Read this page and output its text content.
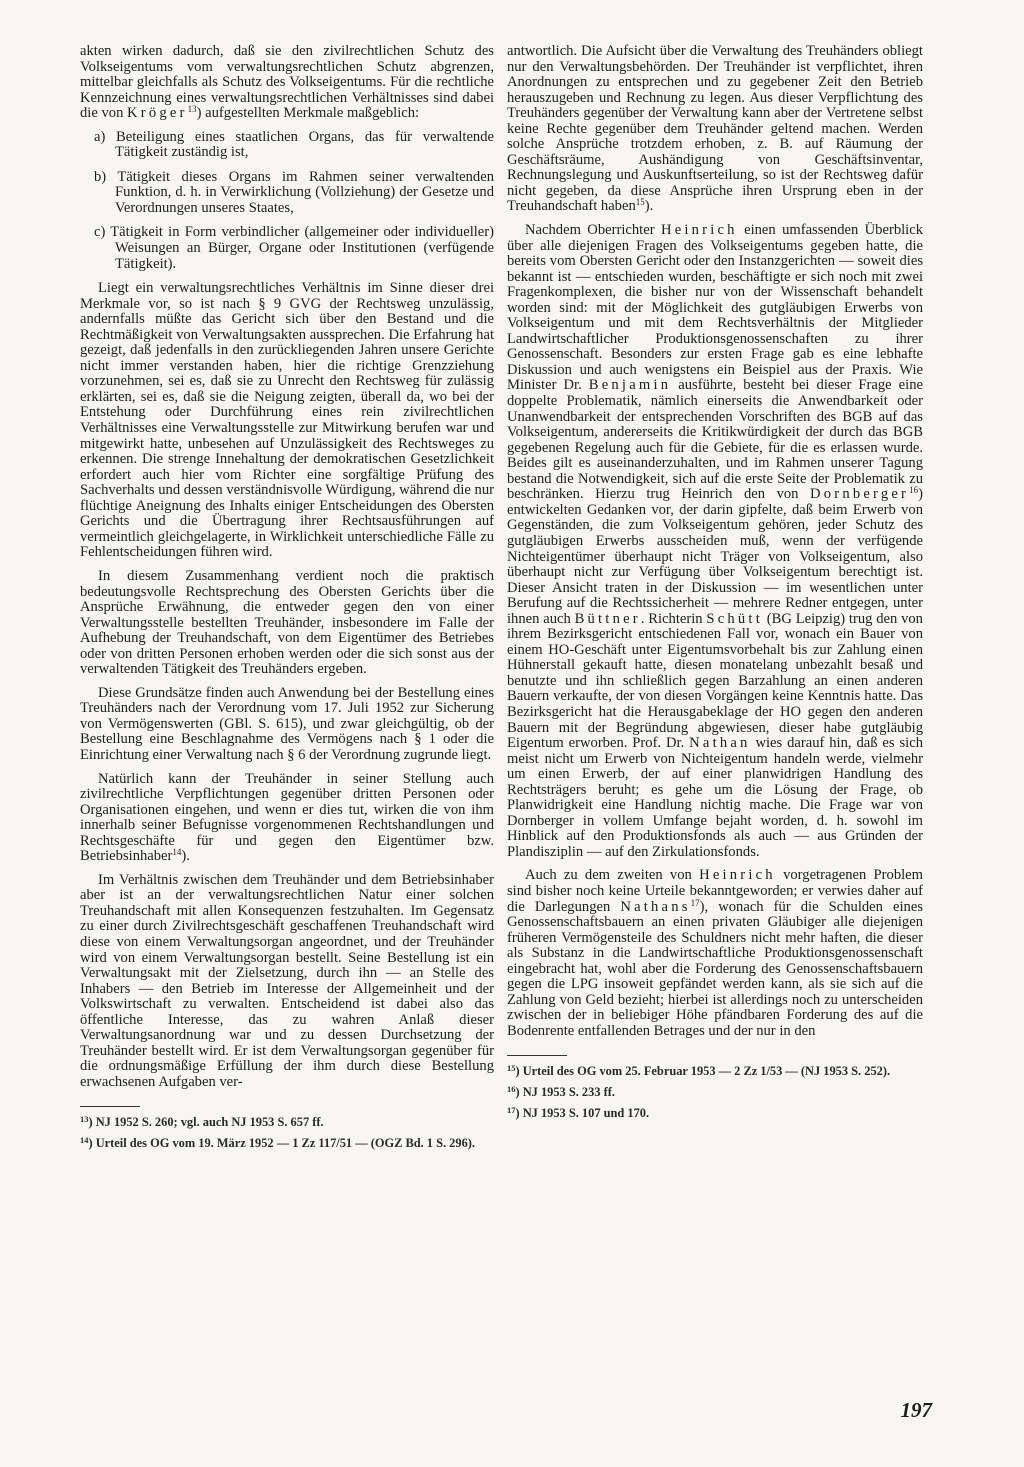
akten wirken dadurch, daß sie den zivilrechtlichen Schutz des Volkseigentums vom verwaltungsrechtlichen Schutz abgrenzen, mittelbar gleichfalls als Schutz des Volkseigentums. Für die rechtliche Kennzeichnung eines verwaltungsrechtlichen Verhältnisses sind dabei die von Kröger$^{13}$) aufgestellten Merkmale maßgeblich:

a) Beteiligung eines staatlichen Organs, das für verwaltende Tätigkeit zuständig ist,
b) Tätigkeit dieses Organs im Rahmen seiner verwaltenden Funktion, d. h. in Verwirklichung (Vollziehung) der Gesetze und Verordnungen unseres Staates,
c) Tätigkeit in Form verbindlicher (allgemeiner oder individueller) Weisungen an Bürger, Organe oder Institutionen (verfügende Tätigkeit).

Liegt ein verwaltungsrechtliches Verhältnis im Sinne dieser drei Merkmale vor, so ist nach § 9 GVG der Rechtsweg unzulässig, andernfalls müßte das Gericht sich über den Bestand und die Rechtmäßigkeit von Verwaltungsakten aussprechen. Die Erfahrung hat gezeigt, daß jedenfalls in den zurückliegenden Jahren unsere Gerichte nicht immer verstanden haben, hier die richtige Grenzziehung vorzunehmen, sei es, daß sie zu Unrecht den Rechtsweg für zulässig erklärten, sei es, daß sie die Neigung zeigten, überall da, wo bei der Entstehung oder Durchführung eines rein zivilrechtlichen Verhältnisses eine Verwaltungsstelle zur Mitwirkung berufen war und mitgewirkt hatte, unbesehen auf Unzulässigkeit des Rechtsweges zu erkennen. Die strenge Innehaltung der demokratischen Gesetzlichkeit erfordert auch hier vom Richter eine sorgfältige Prüfung des Sachverhalts und dessen verständnisvolle Würdigung, während die nur flüchtige Aneignung des Inhalts einiger Entscheidungen des Obersten Gerichts und die Übertragung ihrer Rechtsausführungen auf vermeintlich gleichgelagerte, in Wirklichkeit unterschiedliche Fälle zu Fehlentscheidungen führen wird.

In diesem Zusammenhang verdient noch die praktisch bedeutungsvolle Rechtsprechung des Obersten Gerichts über die Ansprüche Erwähnung, die entweder gegen den von einer Verwaltungsstelle bestellten Treuhänder, insbesondere im Falle der Aufhebung der Treuhandschaft, von dem Eigentümer des Betriebes oder von dritten Personen erhoben werden oder die sich sonst aus der verwaltenden Tätigkeit des Treuhänders ergeben.

Diese Grundsätze finden auch Anwendung bei der Bestellung eines Treuhänders nach der Verordnung vom 17. Juli 1952 zur Sicherung von Vermögenswerten (GBl. S. 615), und zwar gleichgültig, ob der Bestellung eine Beschlagnahme des Vermögens nach § 1 oder die Einrichtung einer Verwaltung nach § 6 der Verordnung zugrunde liegt.

Natürlich kann der Treuhänder in seiner Stellung auch zivilrechtliche Verpflichtungen gegenüber dritten Personen oder Organisationen eingehen, und wenn er dies tut, wirken die von ihm innerhalb seiner Befugnisse vorgenommenen Rechtshandlungen und Rechtsgeschäfte für und gegen den Eigentümer bzw. Betriebsinhaber$^{14}$).

Im Verhältnis zwischen dem Treuhänder und dem Betriebsinhaber aber ist an der verwaltungsrechtlichen Natur einer solchen Treuhandschaft mit allen Konsequenzen festzuhalten. Im Gegensatz zu einer durch Zivilrechtsgeschäft geschaffenen Treuhandschaft wird diese von einem Verwaltungsorgan angeordnet, und der Treuhänder wird von einem Verwaltungsorgan bestellt. Seine Bestellung ist ein Verwaltungsakt mit der Zielsetzung, durch ihn — an Stelle des Inhabers — den Betrieb im Interesse der Allgemeinheit und der Volkswirtschaft zu verwalten. Entscheidend ist dabei also das öffentliche Interesse, das zu wahren Anlaß dieser Verwaltungsanordnung war und zu dessen Durchsetzung der Treuhänder bestellt wird. Er ist dem Verwaltungsorgan gegenüber für die ordnungsmäßige Erfüllung der ihm durch diese Bestellung erwachsenen Aufgaben ver-

antwortlich. Die Aufsicht über die Verwaltung des Treuhänders obliegt nur den Verwaltungsbehörden. Der Treuhänder ist verpflichtet, ihren Anordnungen zu entsprechen und zu gegebener Zeit den Betrieb herauszugeben und Rechnung zu legen. Aus dieser Verpflichtung des Treuhänders gegenüber der Verwaltung kann aber der Vertretene selbst keine Rechte gegenüber dem Treuhänder geltend machen. Werden solche Ansprüche trotzdem erhoben, z. B. auf Räumung der Geschäftsräume, Aushändigung von Geschäftsinventar, Rechnungslegung und Auskunftserteilung, so ist der Rechtsweg dafür nicht gegeben, da diese Ansprüche ihren Ursprung eben in der Treuhandschaft haben$^{15}$).

Nachdem Oberrichter Heinrich einen umfassenden Überblick über alle diejenigen Fragen des Volkseigentums gegeben hatte, die bereits vom Obersten Gericht oder den Instanzgerichten — soweit dies bekannt ist — entschieden wurden, beschäftigte er sich noch mit zwei Fragenkomplexen, die bisher nur von der Wissenschaft behandelt worden sind: mit der Möglichkeit des gutgläubigen Erwerbs von Volkseigentum und mit dem Rechtsverhältnis der Mitglieder Landwirtschaftlicher Produktionsgenossenschaften zu ihrer Genossenschaft. Besonders zur ersten Frage gab es eine lebhafte Diskussion und auch wenigstens ein Beispiel aus der Praxis. Wie Minister Dr. Benjamin ausführte, besteht bei dieser Frage eine doppelte Problematik, nämlich einerseits die Anwendbarkeit oder Unanwendbarkeit der entsprechenden Vorschriften des BGB auf das Volkseigentum, andererseits die Kritikwürdigkeit der durch das BGB gegebenen Regelung auch für die Gebiete, für die es erlassen wurde. Beides gilt es auseinanderzuhalten, und im Rahmen unserer Tagung bestand die Notwendigkeit, sich auf die erste Seite der Problematik zu beschränken. Hierzu trug Heinrich den von Dornberger$^{16}$) entwickelten Gedanken vor, der darin gipfelte, daß beim Erwerb von Gegenständen, die zum Volkseigentum gehören, jeder Schutz des gutgläubigen Erwerbs ausscheiden muß, wenn der verfügende Nichteigentümer überhaupt nicht Träger von Volkseigentum, also überhaupt nicht zur Verfügung über Volkseigentum berechtigt ist. Dieser Ansicht traten in der Diskussion — im wesentlichen unter Berufung auf die Rechtssicherheit — mehrere Redner entgegen, unter ihnen auch Büttner. Richterin Schütt (BG Leipzig) trug den von ihrem Bezirksgericht entschiedenen Fall vor, wonach ein Bauer von einem HO-Geschäft unter Eigentumsvorbehalt bis zur Zahlung einen Hühnerstall gekauft hatte, diesen monatelang unbezahlt besaß und benutzte und ihn schließlich gegen Barzahlung an einen anderen Bauern verkaufte, der von diesen Vorgängen keine Kenntnis hatte. Das Bezirksgericht hat die Herausgabeklage der HO gegen den anderen Bauern mit der Begründung abgewiesen, dieser habe gutgläubig Eigentum erworben. Prof. Dr. Nathan wies darauf hin, daß es sich meist nicht um Erwerb von Nichteigentum handeln werde, vielmehr um einen Erwerb, der auf einer planwidrigen Handlung des Rechtsträgers beruht; es gehe um die Lösung der Frage, ob Planwidrigkeit eine Handlung nichtig mache. Die Frage war von Dornberger in vollem Umfange bejaht worden, d. h. sowohl im Hinblick auf den Produktionsfonds als auch — aus Gründen der Plandisziplin — auf den Zirkulationsfonds.

Auch zu dem zweiten von Heinrich vorgetragenen Problem sind bisher noch keine Urteile bekanntgeworden; er verwies daher auf die Darlegungen Nathans$^{17}$), wonach für die Schulden eines Genossenschaftsbauern an einen privaten Gläubiger alle diejenigen früheren Vermögensteile des Schuldners nicht mehr haften, die dieser als Substanz in die Landwirtschaftliche Produktionsgenossenschaft eingebracht hat, wohl aber die Forderung des Genossenschaftsbauern gegen die LPG insoweit gepfändet werden kann, als sie sich auf die Zahlung von Geld bezieht; hierbei ist allerdings noch zu unterscheiden zwischen der in beliebiger Höhe pfändbaren Forderung des auf die Bodenrente entfallenden Betrages und der nur in den

$^{13}$) NJ 1952 S. 260; vgl. auch NJ 1953 S. 657 ff.
$^{14}$) Urteil des OG vom 19. März 1952 — 1 Zz 117/51 — (OGZ Bd. 1 S. 296).
$^{15}$) Urteil des OG vom 25. Februar 1953 — 2 Zz 1/53 — (NJ 1953 S. 252).
$^{16}$) NJ 1953 S. 233 ff.
$^{17}$) NJ 1953 S. 107 und 170.
197
